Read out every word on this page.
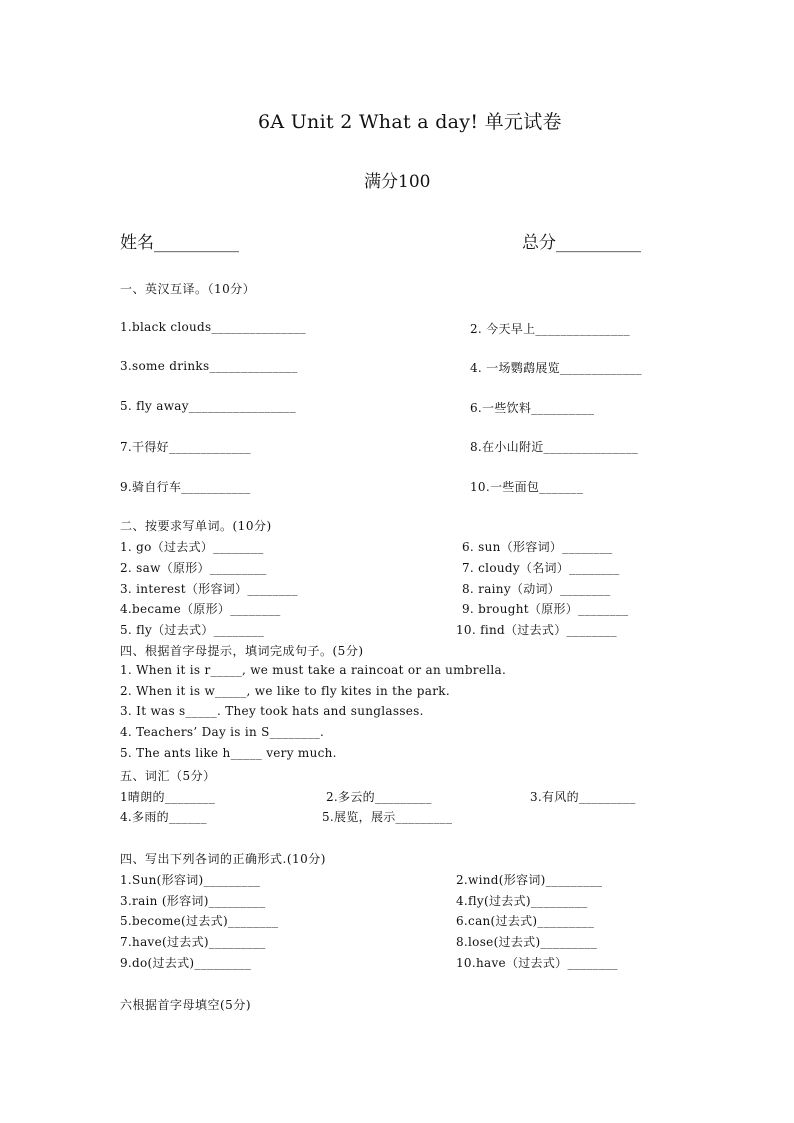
6A Unit 2 What a day! 单元试卷
满分100
姓名__________	总分__________
一、英汉互译。（10分）
1.black clouds_______________	2. 今天早上_______________
3.some drinks______________	4. 一场鹦鹉展览_____________
5. fly away_________________	6.一些饮料__________
7.干得好_____________	8.在小山附近_______________
9.骑自行车___________	10.一些面包_______
二、按要求写单词。(10分)
1. go（过去式）________	6. sun（形容词）________
2. saw（原形）_________	7. cloudy（名词）________
3. interest（形容词）________	8. rainy（动词）________
4.became（原形）________	9. brought（原形）________
5. fly（过去式）________	10. find（过去式）________
四、根据首字母提示，填词完成句子。(5分)
1. When it is r_____, we must take a raincoat or an umbrella.
2. When it is w_____, we like to fly kites in the park.
3. It was s_____. They took hats and sunglasses.
4. Teachers’ Day is in S________.
5. The ants like h_____ very much.
五、词汇（5分）
1晴朗的________	2.多云的_________	3.有风的_________
4.多雨的______	5.展览，展示_________
四、写出下列各词的正确形式.(10分)
1.Sun(形容词)_________	2.wind(形容词)_________
3.rain (形容词)_________	4.fly(过去式)_________
5.become(过去式)________	6.can(过去式)_________
7.have(过去式)_________	8.lose(过去式)_________
9.do(过去式)_________	10.have（过去式）________
六根据首字母填空(5分)
